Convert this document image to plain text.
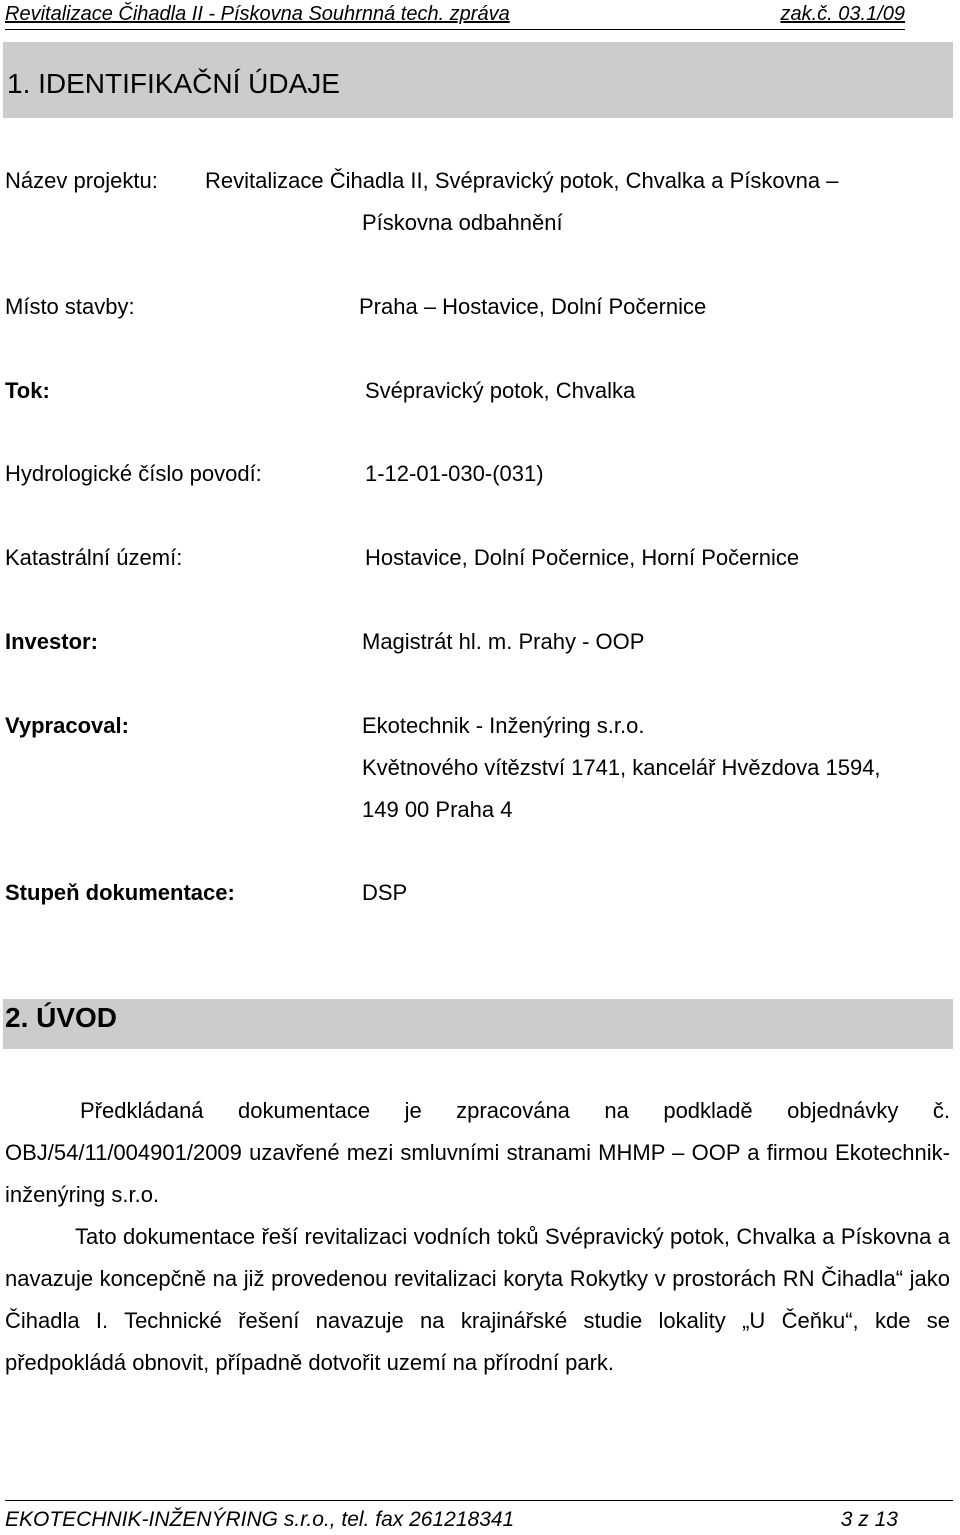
Revitalizace Čihadla II - Pískovna Souhrnná tech. zpráva	zak.č. 03.1/09
1. IDENTIFIKAČNÍ ÚDAJE
Název projektu: Revitalizace Čihadla II, Svépravický potok, Chvalka a Pískovna –
Pískovna odbahnění
Místo stavby:	Praha – Hostavice, Dolní Počernice
Tok:	Svépravický potok, Chvalka
Hydrologické číslo povodí:	1-12-01-030-(031)
Katastrální území:	Hostavice, Dolní Počernice, Horní Počernice
Investor:	Magistrát hl. m. Prahy - OOP
Vypracoval:	Ekotechnik - Inženýring s.r.o.
Květnového vítězství 1741, kancelář Hvězdova 1594,
149 00 Praha 4
Stupeň dokumentace:	DSP
2. ÚVOD

Předkládaná dokumentace je zpracována na podkladě objednávky č. OBJ/54/11/004901/2009 uzavřené mezi smluvními stranami MHMP – OOP a firmou Ekotechnik-inženýring s.r.o.

Tato dokumentace řeší revitalizaci vodních toků Svépravický potok, Chvalka a Pískovna a navazuje koncepčně na již provedenou revitalizaci koryta Rokytky v prostorách RN Čihadla“ jako Čihadla I. Technické řešení navazuje na krajinářské studie lokality „U Čeňku“, kde se předpokládá obnovit, případně dotvořit uzemí na přírodní park.

EKOTECHNIK-INŽENÝRING s.r.o., tel. fax 261218341	3 z 13
